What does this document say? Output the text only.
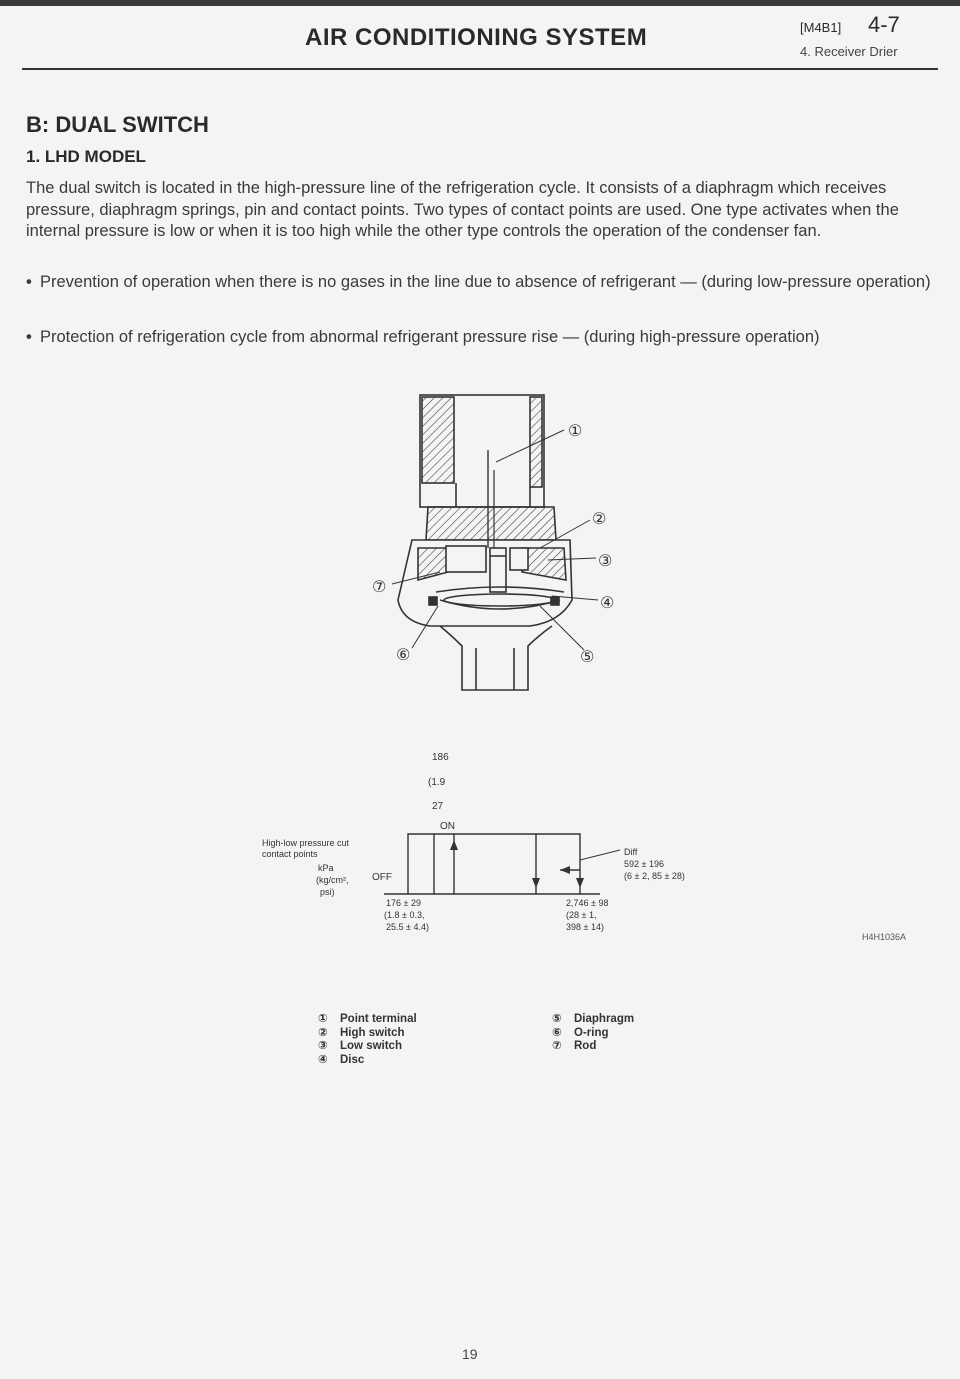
AIR CONDITIONING SYSTEM	[M4B1] 4-7
4. Receiver Drier
B: DUAL SWITCH
1. LHD MODEL
The dual switch is located in the high-pressure line of the refrigeration cycle. It consists of a diaphragm which receives pressure, diaphragm springs, pin and contact points. Two types of contact points are used. One type activates when the internal pressure is low or when it is too high while the other type controls the operation of the condenser fan.
• Prevention of operation when there is no gases in the line due to absence of refrigerant — (during low-pressure operation)
• Protection of refrigeration cycle from abnormal refrigerant pressure rise — (during high-pressure operation)
①
②
③
④
⑤
⑥
⑦
186
(1.9
27
ON
High-low pressure cut
contact points
kPa
(kg/cm²,
psi)
OFF
176 ± 29
(1.8 ± 0.3,
25.5 ± 4.4)
2,746 ± 98
(28 ± 1,
398 ± 14)
Diff
592 ± 196
(6 ± 2, 85 ± 28)
H4H1036A
① Point terminal
② High switch
③ Low switch
④ Disc
⑤ Diaphragm
⑥ O-ring
⑦ Rod
19
